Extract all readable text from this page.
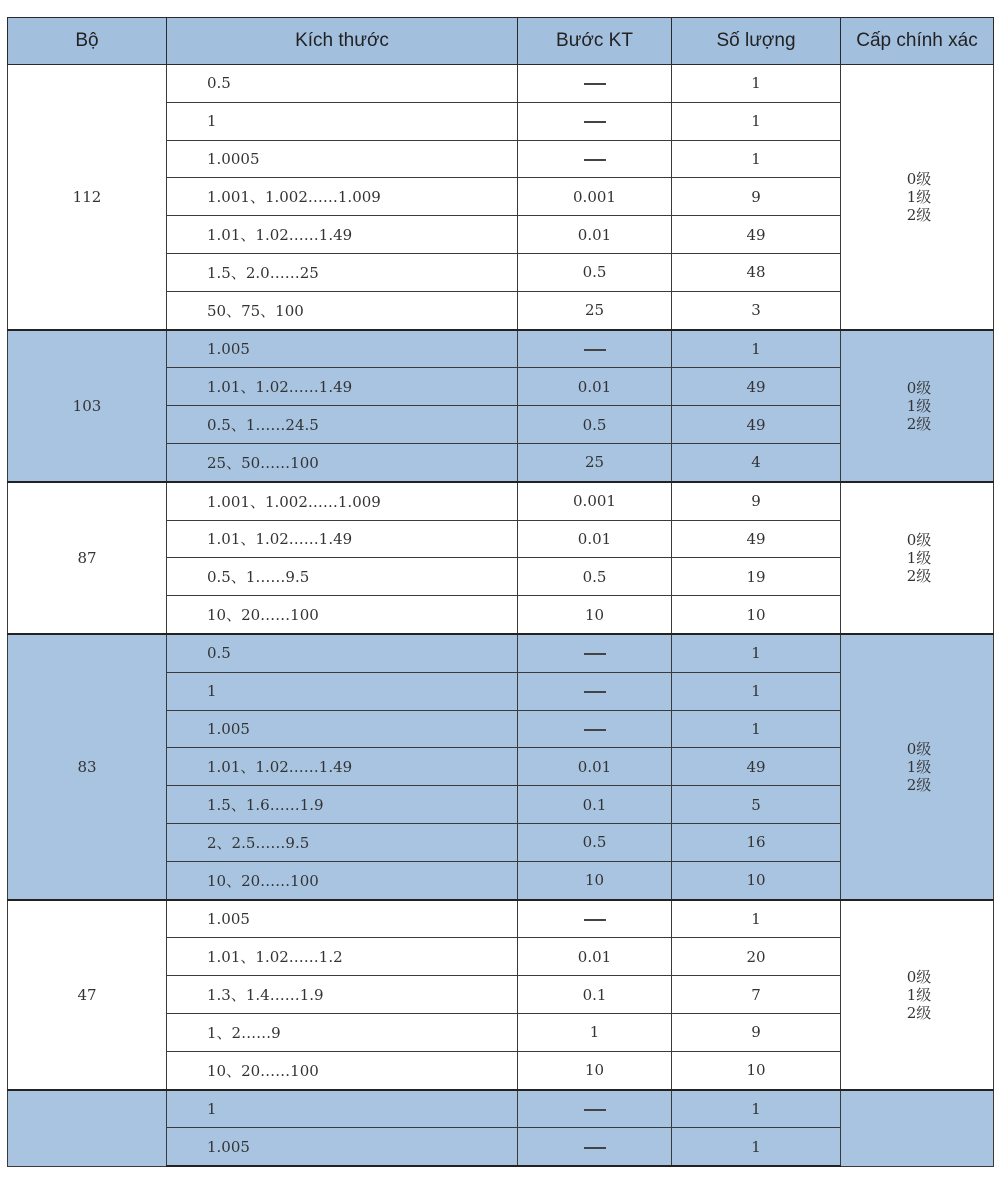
Bộ	Kích thước	Bước KT	Số lượng	Cấp chính xác
112	0.5		1	0级
1级
2级

	1		1	
	1.0005		1	
	1.001、1.002……1.009	0.001	9	
	1.01、1.02……1.49	0.01	49	
	1.5、2.0……25	0.5	48	
	50、75、100	25	3	
103	1.005		1	0级
1级
2级

	1.01、1.02……1.49	0.01	49	
	0.5、1……24.5	0.5	49	
	25、50……100	25	4	
87	1.001、1.002……1.009	0.001	9	0级
1级
2级

	1.01、1.02……1.49	0.01	49	
	0.5、1……9.5	0.5	19	
	10、20……100	10	10	
83	0.5		1	0级
1级
2级

	1		1	
	1.005		1	
	1.01、1.02……1.49	0.01	49	
	1.5、1.6……1.9	0.1	5	
	2、2.5……9.5	0.5	16	
	10、20……100	10	10	
47	1.005		1	0级
1级
2级

	1.01、1.02……1.2	0.01	20	
	1.3、1.4……1.9	0.1	7	
	1、2……9	1	9	
	10、20……100	10	10	
	1		1	
	1.005		1	
